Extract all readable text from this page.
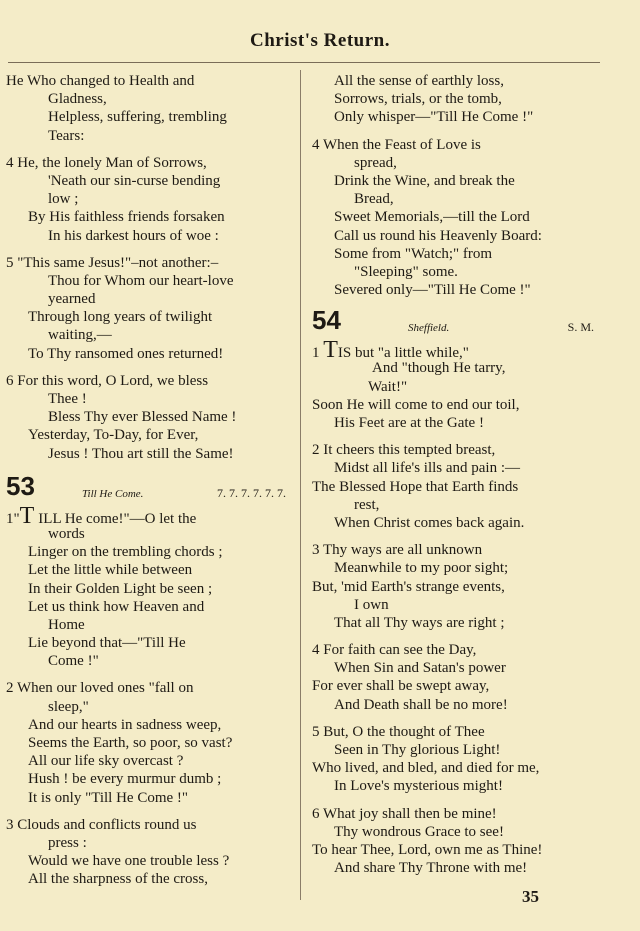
Christ's Return.
He Who changed to Health and
Gladness,
Helpless, suffering, trembling
Tears:
4 He, the lonely Man of Sorrows,
'Neath our sin-curse bending
low ;
By His faithless friends forsaken
In his darkest hours of woe :
5 "This same Jesus!"–not another:–
Thou for Whom our heart-love
yearned
Through long years of twilight
waiting,—
To Thy ransomed ones returned!
6 For this word, O Lord, we bless
Thee !
Bless Thy ever Blessed Name !
Yesterday, To-Day, for Ever,
Jesus ! Thou art still the Same!
53	Till He Come.	7. 7. 7. 7. 7. 7.
1"T ILL He come!"—O let the
words
Linger on the trembling chords ;
Let the little while between
In their Golden Light be seen ;
Let us think how Heaven and
Home
Lie beyond that—"Till He
Come !"
2 When our loved ones "fall on
sleep,"
And our hearts in sadness weep,
Seems the Earth, so poor, so vast?
All our life sky overcast ?
Hush ! be every murmur dumb ;
It is only "Till He Come !"
3 Clouds and conflicts round us
press :
Would we have one trouble less ?
All the sharpness of the cross,
All the sense of earthly loss,
Sorrows, trials, or the tomb,
Only whisper—"Till He Come !"
4 When the Feast of Love is
spread,
Drink the Wine, and break the
Bread,
Sweet Memorials,—till the Lord
Call us round his Heavenly Board:
Some from "Watch;" from
"Sleeping" some.
Severed only—"Till He Come !"
54	Sheffield.	S. M.
1 TIS but "a little while,"
And "though He tarry,
Wait!"
Soon He will come to end our toil,
His Feet are at the Gate !
2 It cheers this tempted breast,
Midst all life's ills and pain :—
The Blessed Hope that Earth finds
rest,
When Christ comes back again.
3 Thy ways are all unknown
Meanwhile to my poor sight;
But, 'mid Earth's strange events,
I own
That all Thy ways are right ;
4 For faith can see the Day,
When Sin and Satan's power
For ever shall be swept away,
And Death shall be no more!
5 But, O the thought of Thee
Seen in Thy glorious Light!
Who lived, and bled, and died for me,
In Love's mysterious might!
6 What joy shall then be mine!
Thy wondrous Grace to see!
To hear Thee, Lord, own me as Thine!
And share Thy Throne with me!
35
